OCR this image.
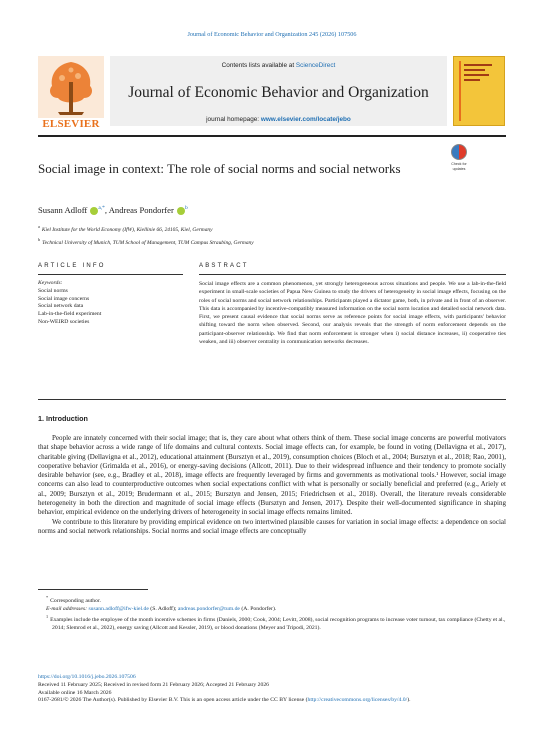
Journal of Economic Behavior and Organization 245 (2026) 107506
ELSEVIER
Contents lists available at ScienceDirect
Journal of Economic Behavior and Organization
journal homepage: www.elsevier.com/locate/jebo
Social image in context: The role of social norms and social networks	Check for updates
Susann Adloff $^{a,*}$, Andreas Pondorfer $^b$
$^a$Kiel Institute for the World Economy (IfW), Kiellinie 66, 24105, Kiel, Germany
$^b$Technical University of Munich, TUM School of Management, TUM Campus Straubing, Germany
ARTICLE INFO	ABSTRACT
Keywords:
Social norms
Social image concerns
Social network data
Lab-in-the-field experiment
Non-WEIRD societies
Social image effects are a common phenomenon, yet strongly heterogeneous across situations and people. We use a lab-in-the-field experiment in small-scale societies of Papua New Guinea to study the drivers of heterogeneity in social image effects, focusing on the roles of social norms and social network relationships. Participants played a dictator game, both, in private and in front of an observer. This data is accompanied by incentive-compatibly measured information on the social norm location and detailed social network data. First, we present causal evidence that social norms serve as reference points for social image effects, with participants' behavior shifting toward the norm when observed. Second, our analysis reveals that the strength of norm enforcement depends on the participant-observer relationship. We find that norm enforcement is stronger when i) social distance increases, ii) cooperative ties weaken, and iii) observer centrality in communication networks decreases.
1. Introduction

People are innately concerned with their social image; that is, they care about what others think of them. These social image concerns are powerful motivators that shape behavior across a wide range of life domains and cultural contexts. Social image effects can, for example, be found in voting (Dellavigna et al., 2017), charitable giving (Dellavigna et al., 2012), educational attainment (Bursztyn et al., 2019), consumption choices (Bloch et al., 2004; Bursztyn et al., 2018; Rao, 2001), cooperative behavior (Grimalda et al., 2016), or energy-saving decisions (Allcott, 2011). Due to their widespread influence and their tendency to promote socially desirable behavior (see, e.g., Bradley et al., 2018), image effects are frequently leveraged by firms and governments as motivational tools.¹ However, social image concerns can also lead to counterproductive outcomes when social expectations conflict with what is personally or socially beneficial and preferred (e.g., Ariely et al., 2009; Bursztyn et al., 2019; Brudermann et al., 2015; Bursztyn and Jensen, 2015; Friedrichsen et al., 2018). Overall, the literature reveals considerable heterogeneity in both the direction and magnitude of social image effects (Bursztyn and Jensen, 2017). Despite their well-documented significance in shaping behavior, empirical evidence on the underlying drivers of heterogeneity in social image effects remains limited.

We contribute to this literature by providing empirical evidence on two intertwined plausible causes for variation in social image effects: a dependence on social norms and social network relationships. Social norms and social image effects are conceptually

*Corresponding author.
E-mail addresses: susann.adloff@ifw-kiel.de (S. Adloff); andreas.pondorfer@tum.de (A. Pondorfer).
$^1$Examples include the employee of the month incentive schemes in firms (Daniels, 2000; Cook, 2004; Levitt, 2008), social recognition programs to increase voter turnout, tax compliance (Chetty et al., 2014; Slemrod et al., 2022), energy saving (Allcott and Kessler, 2019), or blood donations (Meyer and Tripodi, 2021).
https://doi.org/10.1016/j.jebo.2026.107506
Received 11 February 2025; Received in revised form 21 February 2026; Accepted 21 February 2026
Available online 16 March 2026
0167-2681/© 2026 The Author(s). Published by Elsevier B.V. This is an open access article under the CC BY license (http://creativecommons.org/licenses/by/4.0/).
